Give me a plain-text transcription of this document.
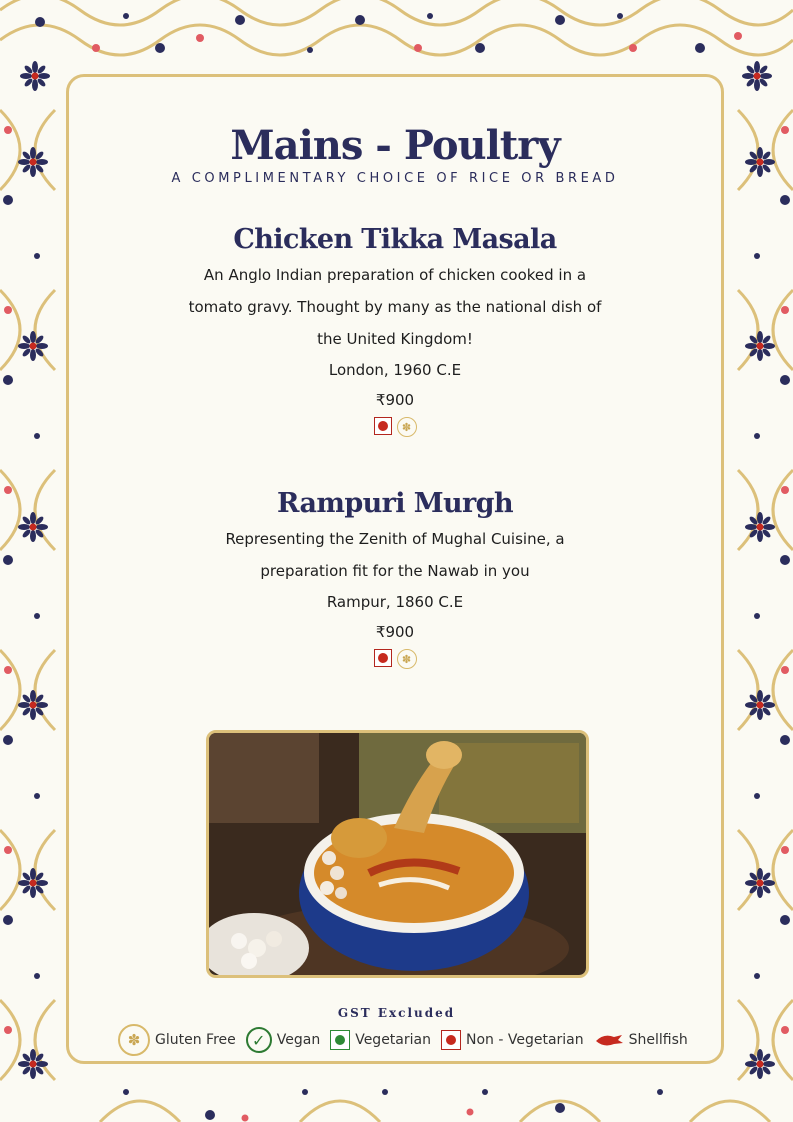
Mains - Poultry
A COMPLIMENTARY CHOICE OF RICE OR BREAD
Chicken Tikka Masala
An Anglo Indian preparation of chicken cooked in a
tomato gravy. Thought by many as the national dish of
the United Kingdom!
London, 1960 C.E
₹900
✽
Rampuri Murgh
Representing the Zenith of Mughal Cuisine, a
preparation fit for the Nawab in you
Rampur, 1860 C.E
₹900
✽
GST Excluded
✽	Gluten Free	✓ Vegan	Vegetarian	Non - Vegetarian	Shellfish
